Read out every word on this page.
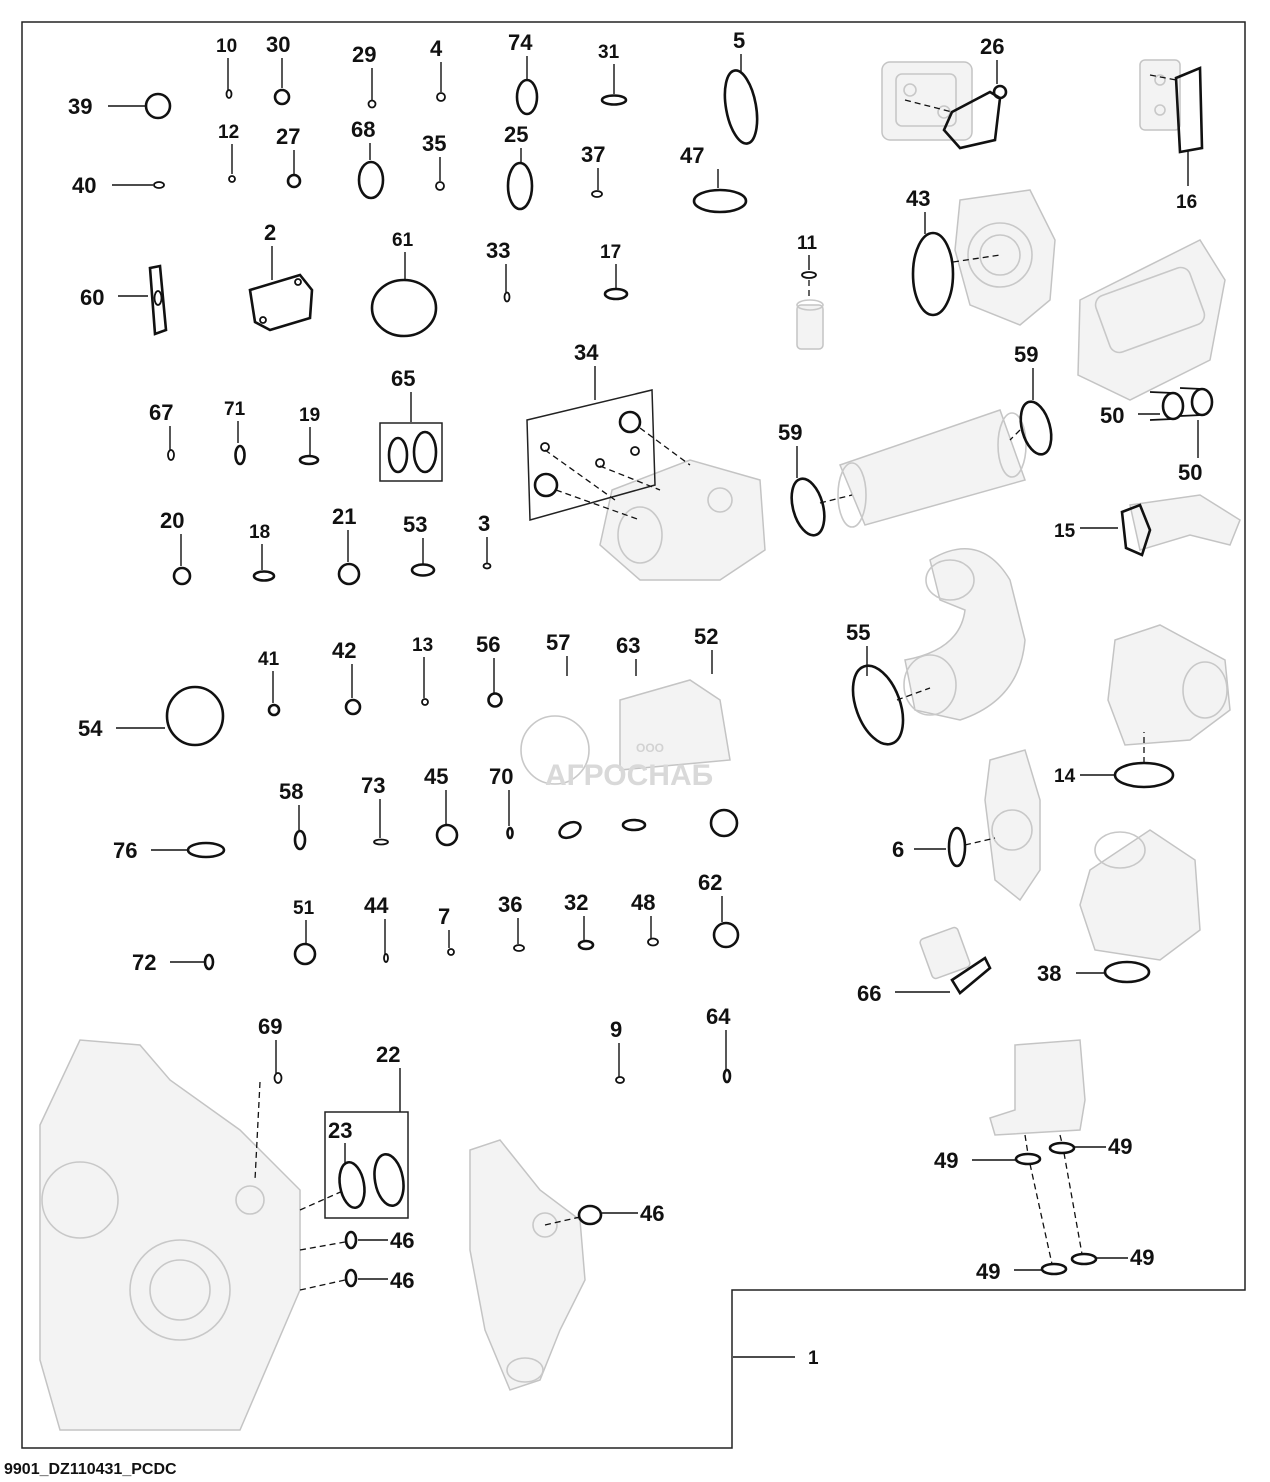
ООО
АГРОСНАБ
10 30	29 4	74	31	5	26
16
39
12 27 68
35	25
37	47
40
2	61	33	17	11
43
60
34	59
59
50
50
65
67	71	19
15
20	18
21 53 3
55
41 42	13 56 57 63 52
54
14
58	73 45 70
76	6
51 44 7 36 32 48
62
72	38
66
69	9
64
22
23
46
46
46
49
49
49
49
1
9901_DZ110431_PCDC
